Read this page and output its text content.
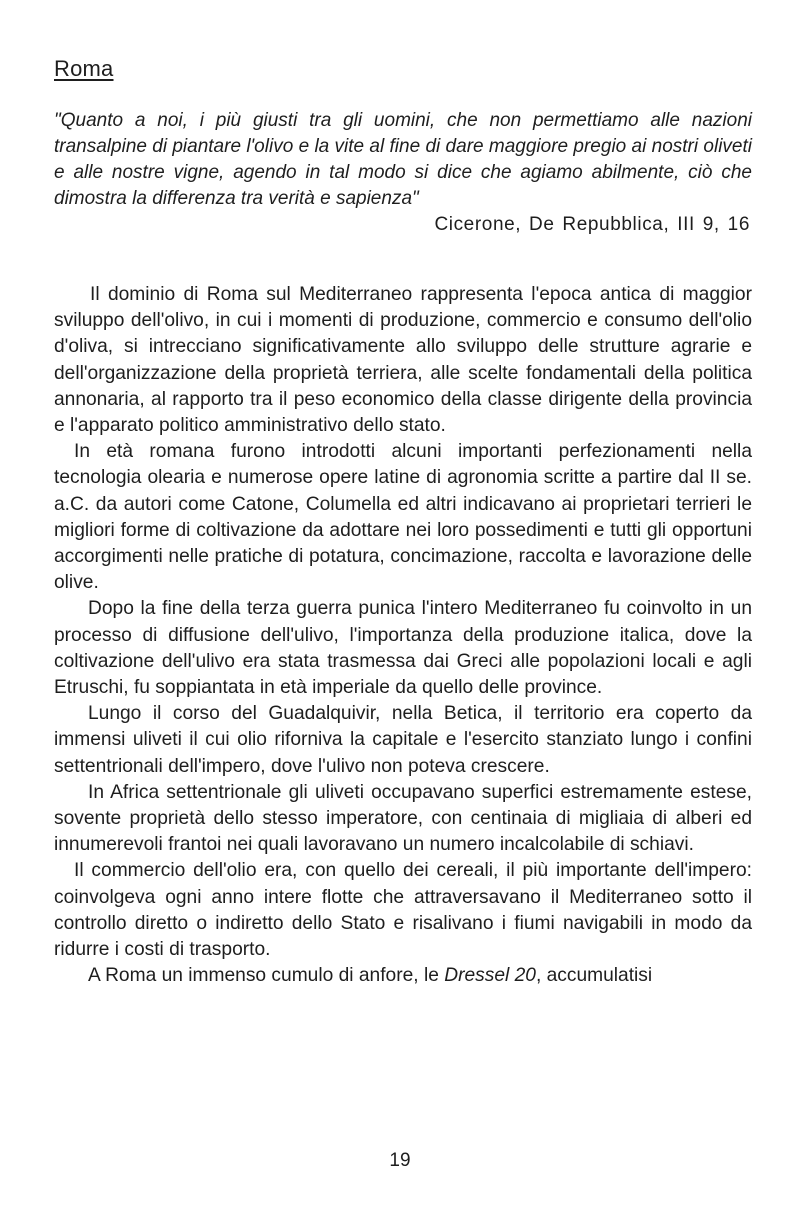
Roma
"Quanto a noi, i più giusti tra gli uomini, che non permettiamo alle nazioni transalpine di piantare l'olivo e la vite al fine di dare maggiore pregio ai nostri oliveti e alle nostre vigne, agendo in tal modo si dice che agiamo abilmente, ciò che dimostra la differenza tra verità e sapienza"
Cicerone, De Repubblica, III 9, 16

Il dominio di Roma sul Mediterraneo rappresenta l'epoca antica di maggior sviluppo dell'olivo, in cui i momenti di produzione, commercio e consumo dell'olio d'oliva, si intrecciano significativamente allo sviluppo delle strutture agrarie e dell'organizzazione della proprietà terriera, alle scelte fondamentali della politica annonaria, al rapporto tra il peso economico della classe dirigente della provincia e l'apparato politico amministrativo dello stato.

In età romana furono introdotti alcuni importanti perfezionamenti nella tecnologia olearia e numerose opere latine di agronomia scritte a partire dal II se. a.C. da autori come Catone, Columella ed altri indicavano ai proprietari terrieri le migliori forme di coltivazione da adottare nei loro possedimenti e tutti gli opportuni accorgimenti nelle pratiche di potatura, concimazione, raccolta e lavorazione delle olive.

Dopo la fine della terza guerra punica l'intero Mediterraneo fu coinvolto in un processo di diffusione dell'ulivo, l'importanza della produzione italica, dove la coltivazione dell'ulivo era stata trasmessa dai Greci alle popolazioni locali e agli Etruschi, fu soppiantata in età imperiale da quello delle province.

Lungo il corso del Guadalquivir, nella Betica, il territorio era coperto da immensi uliveti il cui olio riforniva la capitale e l'esercito stanziato lungo i confini settentrionali dell'impero, dove l'ulivo non poteva crescere.

In Africa settentrionale gli uliveti occupavano superfici estremamente estese, sovente proprietà dello stesso imperatore, con centinaia di migliaia di alberi ed innumerevoli frantoi nei quali lavoravano un numero incalcolabile di schiavi.

Il commercio dell'olio era, con quello dei cereali, il più importante dell'impero: coinvolgeva ogni anno intere flotte che attraversavano il Mediterraneo sotto il controllo diretto o indiretto dello Stato e risalivano i fiumi navigabili in modo da ridurre i costi di trasporto.

A Roma un immenso cumulo di anfore, le Dressel 20, accumulatisi

19
